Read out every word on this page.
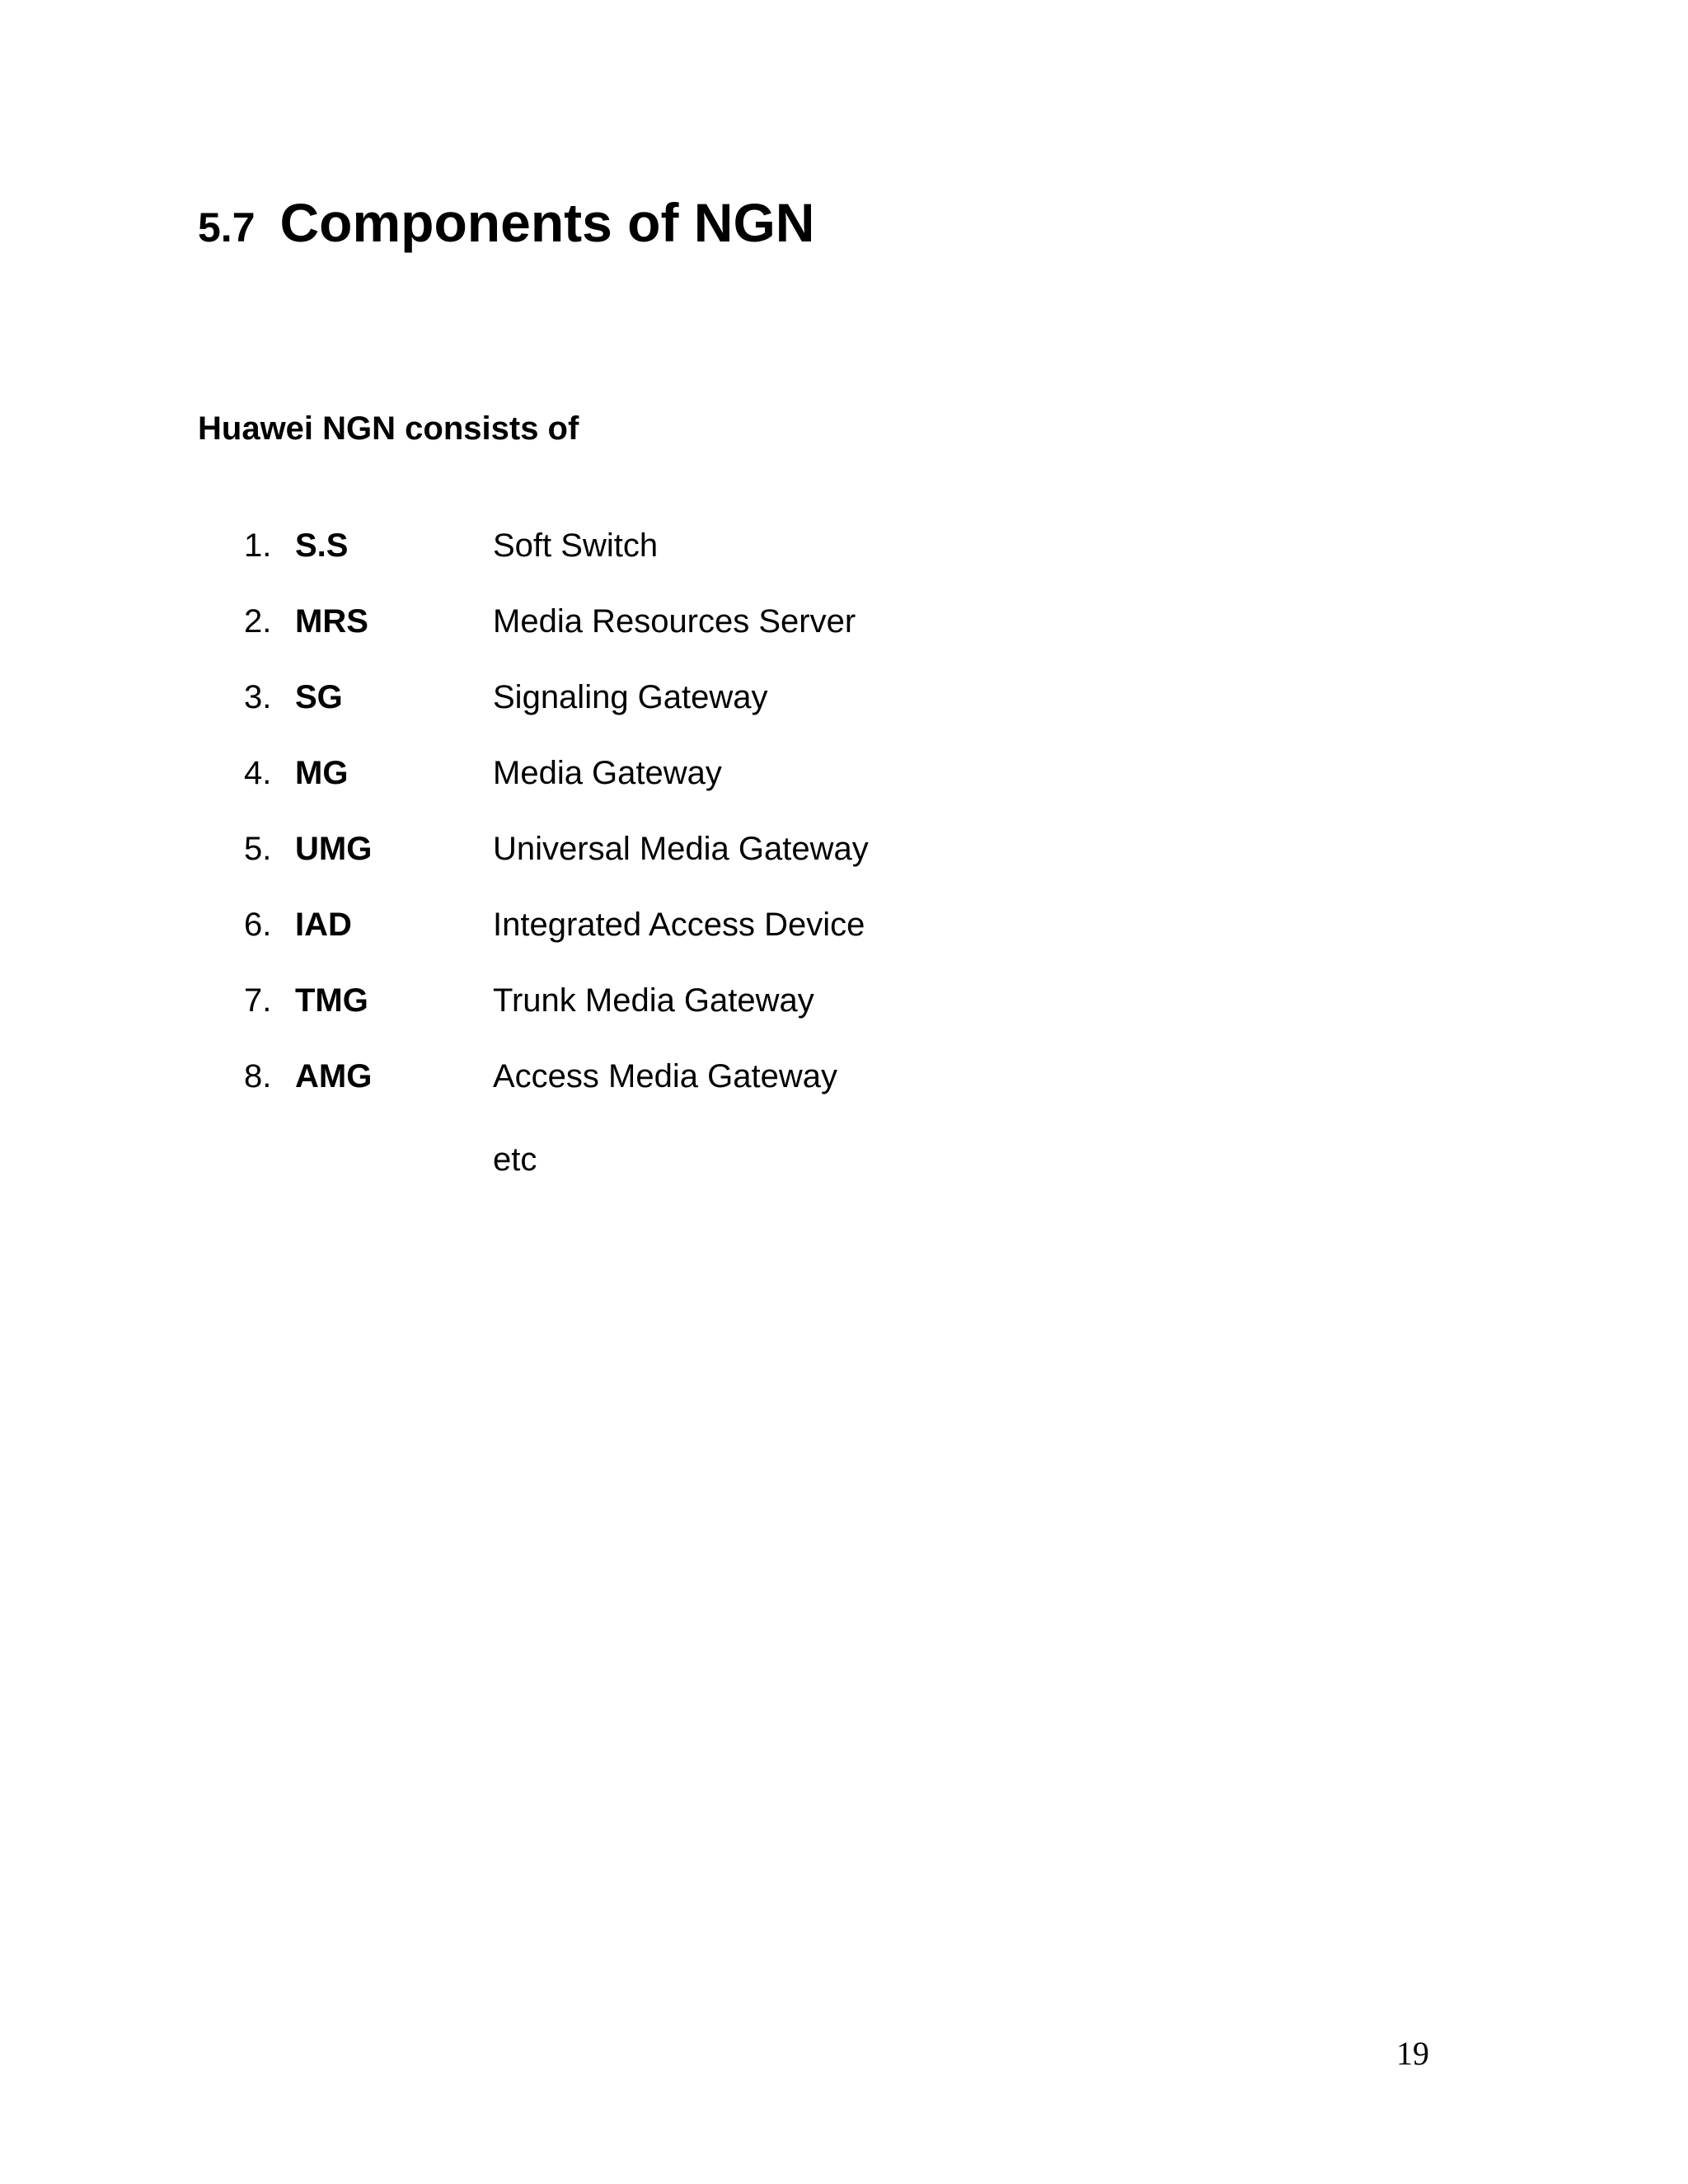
5.7 Components of NGN
Huawei NGN consists of
1. S.S	Soft Switch
2. MRS	Media Resources Server
3. SG	Signaling Gateway
4. MG	Media Gateway
5. UMG	Universal Media Gateway
6. IAD	Integrated Access Device
7. TMG	Trunk Media Gateway
8. AMG	Access Media Gateway
etc
19
